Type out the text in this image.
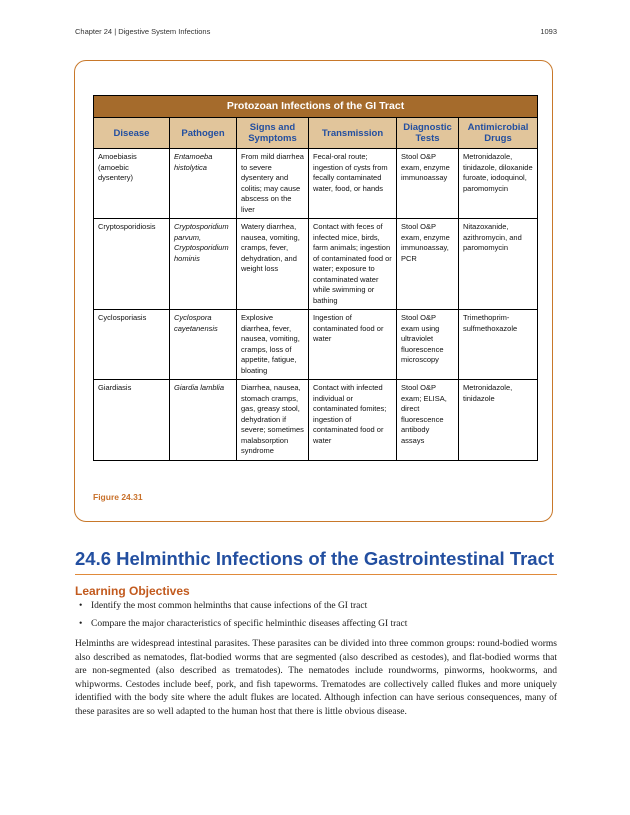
Chapter 24 | Digestive System Infections	1093
Protozoan Infections of the GI Tract					
Disease	Pathogen	Signs and Symptoms	Transmission	Diagnostic Tests	Antimicrobial Drugs
Amoebiasis (amoebic dysentery)	Entamoeba histolytica	From mild diarrhea to severe dysentery and colitis; may cause abscess on the liver	Fecal-oral route; ingestion of cysts from fecally contaminated water, food, or hands	Stool O&P exam, enzyme immunoassay	Metronidazole, tinidazole, diloxanide furoate, iodoquinol, paromomycin
Cryptosporidiosis	Cryptosporidium parvum, Cryptosporidium hominis	Watery diarrhea, nausea, vomiting, cramps, fever, dehydration, and weight loss	Contact with feces of infected mice, birds, farm animals; ingestion of contaminated food or water; exposure to contaminated water while swimming or bathing	Stool O&P exam, enzyme immunoassay, PCR	Nitazoxanide, azithromycin, and paromomycin
Cyclosporiasis	Cyclospora cayetanensis	Explosive diarrhea, fever, nausea, vomiting, cramps, loss of appetite, fatigue, bloating	Ingestion of contaminated food or water	Stool O&P exam using ultraviolet fluorescence microscopy	Trimethoprim-sulfmethoxazole
Giardiasis	Giardia lamblia	Diarrhea, nausea, stomach cramps, gas, greasy stool, dehydration if severe; sometimes malabsorption syndrome	Contact with infected individual or contaminated fomites; ingestion of contaminated food or water	Stool O&P exam; ELISA, direct fluorescence antibody assays	Metronidazole, tinidazole
Figure 24.31
24.6 Helminthic Infections of the Gastrointestinal Tract
Learning Objectives
• Identify the most common helminths that cause infections of the GI tract
• Compare the major characteristics of specific helminthic diseases affecting GI tract

Helminths are widespread intestinal parasites. These parasites can be divided into three common groups: round-bodied worms also described as nematodes, flat-bodied worms that are segmented (also described as cestodes), and flat-bodied worms that are non-segmented (also described as trematodes). The nematodes include roundworms, pinworms, hookworms, and whipworms. Cestodes include beef, pork, and fish tapeworms. Trematodes are collectively called flukes and more uniquely identified with the body site where the adult flukes are located. Although infection can have serious consequences, many of these parasites are so well adapted to the human host that there is little obvious disease.
